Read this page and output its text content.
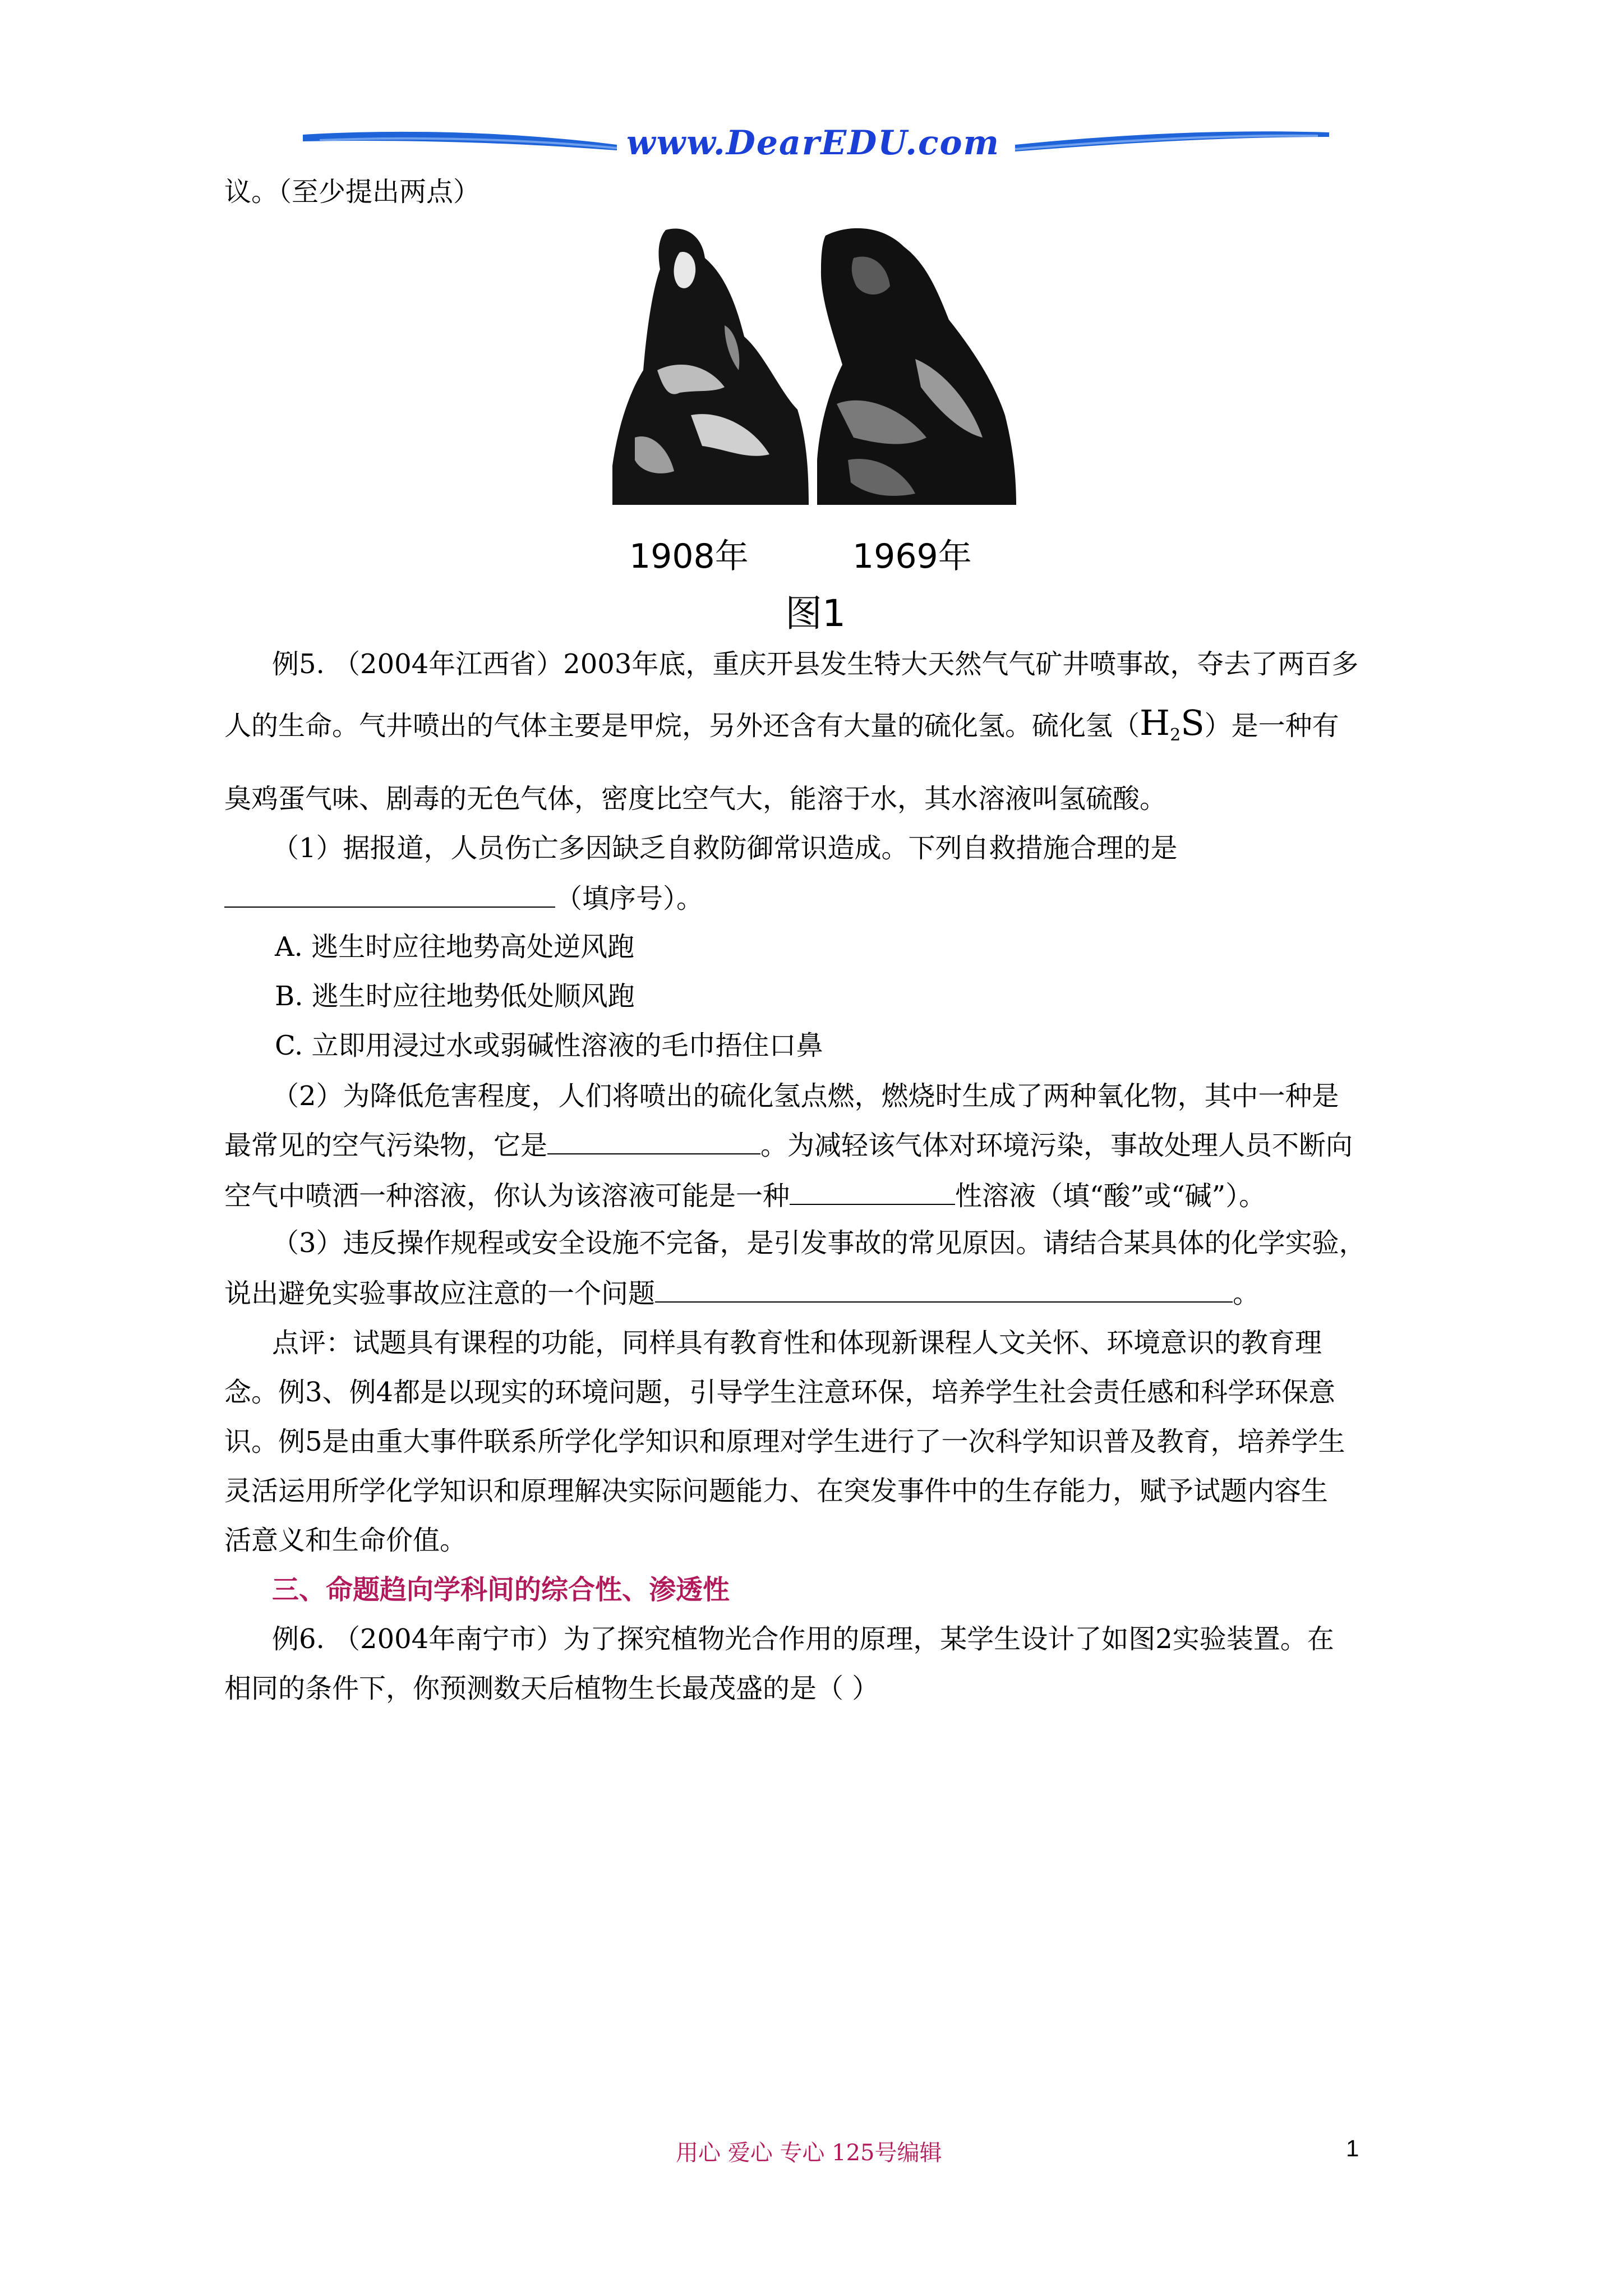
www.DearEDU.com
议。（至少提出两点）
1908年	1969年
图1
例5. （2004年江西省）2003年底，重庆开县发生特大天然气气矿井喷事故，夺去了两百多
人的生命。气井喷出的气体主要是甲烷，另外还含有大量的硫化氢。硫化氢$(H_2S)$是一种有
臭鸡蛋气味、剧毒的无色气体，密度比空气大，能溶于水，其水溶液叫氢硫酸。
（1）据报道，人员伤亡多因缺乏自救防御常识造成。下列自救措施合理的是
（填序号）。
A. 逃生时应往地势高处逆风跑
B. 逃生时应往地势低处顺风跑
C. 立即用浸过水或弱碱性溶液的毛巾捂住口鼻
（2）为降低危害程度，人们将喷出的硫化氢点燃，燃烧时生成了两种氧化物，其中一种是
最常见的空气污染物，它是	。为减轻该气体对环境污染，事故处理人员不断向
空气中喷洒一种溶液，你认为该溶液可能是一种	性溶液（填“酸”或“碱”）。
（3）违反操作规程或安全设施不完备，是引发事故的常见原因。请结合某具体的化学实验，
说出避免实验事故应注意的一个问题	。
点评：试题具有课程的功能，同样具有教育性和体现新课程人文关怀、环境意识的教育理
念。例3、例4都是以现实的环境问题，引导学生注意环保，培养学生社会责任感和科学环保意
识。例5是由重大事件联系所学化学知识和原理对学生进行了一次科学知识普及教育，培养学生
灵活运用所学化学知识和原理解决实际问题能力、在突发事件中的生存能力，赋予试题内容生
活意义和生命价值。
三、命题趋向学科间的综合性、渗透性
例6. （2004年南宁市）为了探究植物光合作用的原理，某学生设计了如图2实验装置。在
相同的条件下，你预测数天后植物生长最茂盛的是（ ）
用心 爱心 专心 125号编辑	1
